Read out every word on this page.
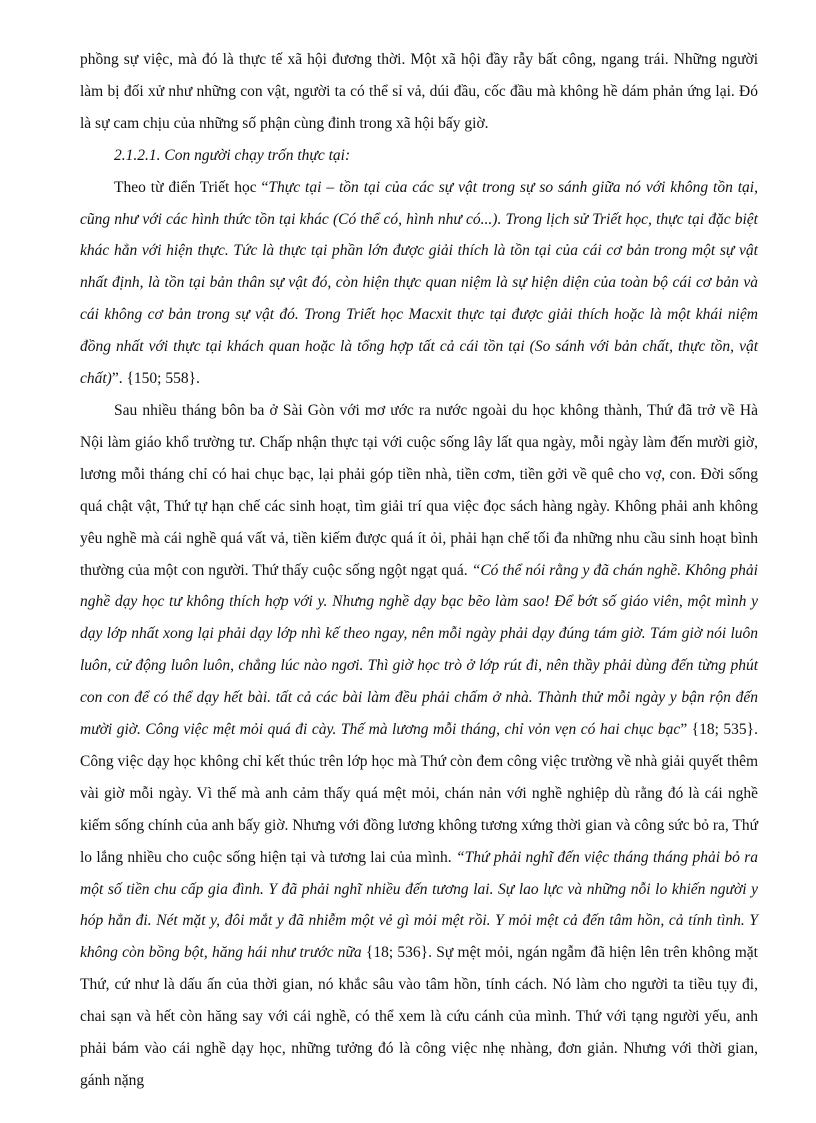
phồng sự việc, mà đó là thực tế xã hội đương thời. Một xã hội đầy rẫy bất công, ngang trái. Những người làm bị đối xử như những con vật, người ta có thể sỉ vả, dúi đầu, cốc đầu mà không hề dám phản ứng lại. Đó là sự cam chịu của những số phận cùng đinh trong xã hội bấy giờ.

2.1.2.1. Con người chạy trốn thực tại:

Theo từ điển Triết học “Thực tại – tồn tại của các sự vật trong sự so sánh giữa nó với không tồn tại, cũng như với các hình thức tồn tại khác (Có thể có, hình như có...). Trong lịch sử Triết học, thực tại đặc biệt khác hẳn với hiện thực. Tức là thực tại phần lớn được giải thích là tồn tại của cái cơ bản trong một sự vật nhất định, là tồn tại bản thân sự vật đó, còn hiện thực quan niệm là sự hiện diện của toàn bộ cái cơ bản và cái không cơ bản trong sự vật đó. Trong Triết học Macxit thực tại được giải thích hoặc là một khái niệm đồng nhất với thực tại khách quan hoặc là tổng hợp tất cả cái tồn tại (So sánh với bản chất, thực tồn, vật chất)”. {150; 558}.

Sau nhiều tháng bôn ba ở Sài Gòn với mơ ước ra nước ngoài du học không thành, Thứ đã trở về Hà Nội làm giáo khổ trường tư. Chấp nhận thực tại với cuộc sống lây lất qua ngày, mỗi ngày làm đến mười giờ, lương mỗi tháng chỉ có hai chục bạc, lại phải góp tiền nhà, tiền cơm, tiền gởi về quê cho vợ, con. Đời sống quá chật vật, Thứ tự hạn chế các sinh hoạt, tìm giải trí qua việc đọc sách hàng ngày. Không phải anh không yêu nghề mà cái nghề quá vất vả, tiền kiếm được quá ít ỏi, phải hạn chế tối đa những nhu cầu sinh hoạt bình thường của một con người. Thứ thấy cuộc sống ngột ngạt quá. “Có thể nói rằng y đã chán nghề. Không phải nghề dạy học tư không thích hợp với y. Nhưng nghề dạy bạc bẽo làm sao! Để bớt số giáo viên, một mình y dạy lớp nhất xong lại phải dạy lớp nhì kế theo ngay, nên mỗi ngày phải dạy đúng tám giờ. Tám giờ nói luôn luôn, cử động luôn luôn, chẳng lúc nào ngơi. Thì giờ học trò ở lớp rút đi, nên thầy phải dùng đến từng phút con con để có thể dạy hết bài. tất cả các bài làm đều phải chấm ở nhà. Thành thử mỗi ngày y bận rộn đến mười giờ. Công việc mệt mỏi quá đi cày. Thế mà lương mỗi tháng, chỉ vỏn vẹn có hai chục bạc” {18; 535}. Công việc dạy học không chỉ kết thúc trên lớp học mà Thứ còn đem công việc trường về nhà giải quyết thêm vài giờ mỗi ngày. Vì thế mà anh cảm thấy quá mệt mỏi, chán nản với nghề nghiệp dù rằng đó là cái nghề kiếm sống chính của anh bấy giờ. Nhưng với đồng lương không tương xứng thời gian và công sức bỏ ra, Thứ lo lắng nhiều cho cuộc sống hiện tại và tương lai của mình. “Thứ phải nghĩ đến việc tháng tháng phải bỏ ra một số tiền chu cấp gia đình. Y đã phải nghĩ nhiều đến tương lai. Sự lao lực và những nỗi lo khiến người y hóp hẳn đi. Nét mặt y, đôi mắt y đã nhiễm một vẻ gì mỏi mệt rồi. Y mỏi mệt cả đến tâm hồn, cả tính tình. Y không còn bồng bột, hăng hái như trước nữa {18; 536}. Sự mệt mỏi, ngán ngẫm đã hiện lên trên không mặt Thứ, cứ như là dấu ấn của thời gian, nó khắc sâu vào tâm hồn, tính cách. Nó làm cho người ta tiều tụy đi, chai sạn và hết còn hăng say với cái nghề, có thể xem là cứu cánh của mình. Thứ với tạng người yếu, anh phải bám vào cái nghề dạy học, những tưởng đó là công việc nhẹ nhàng, đơn giản. Nhưng với thời gian, gánh nặng
